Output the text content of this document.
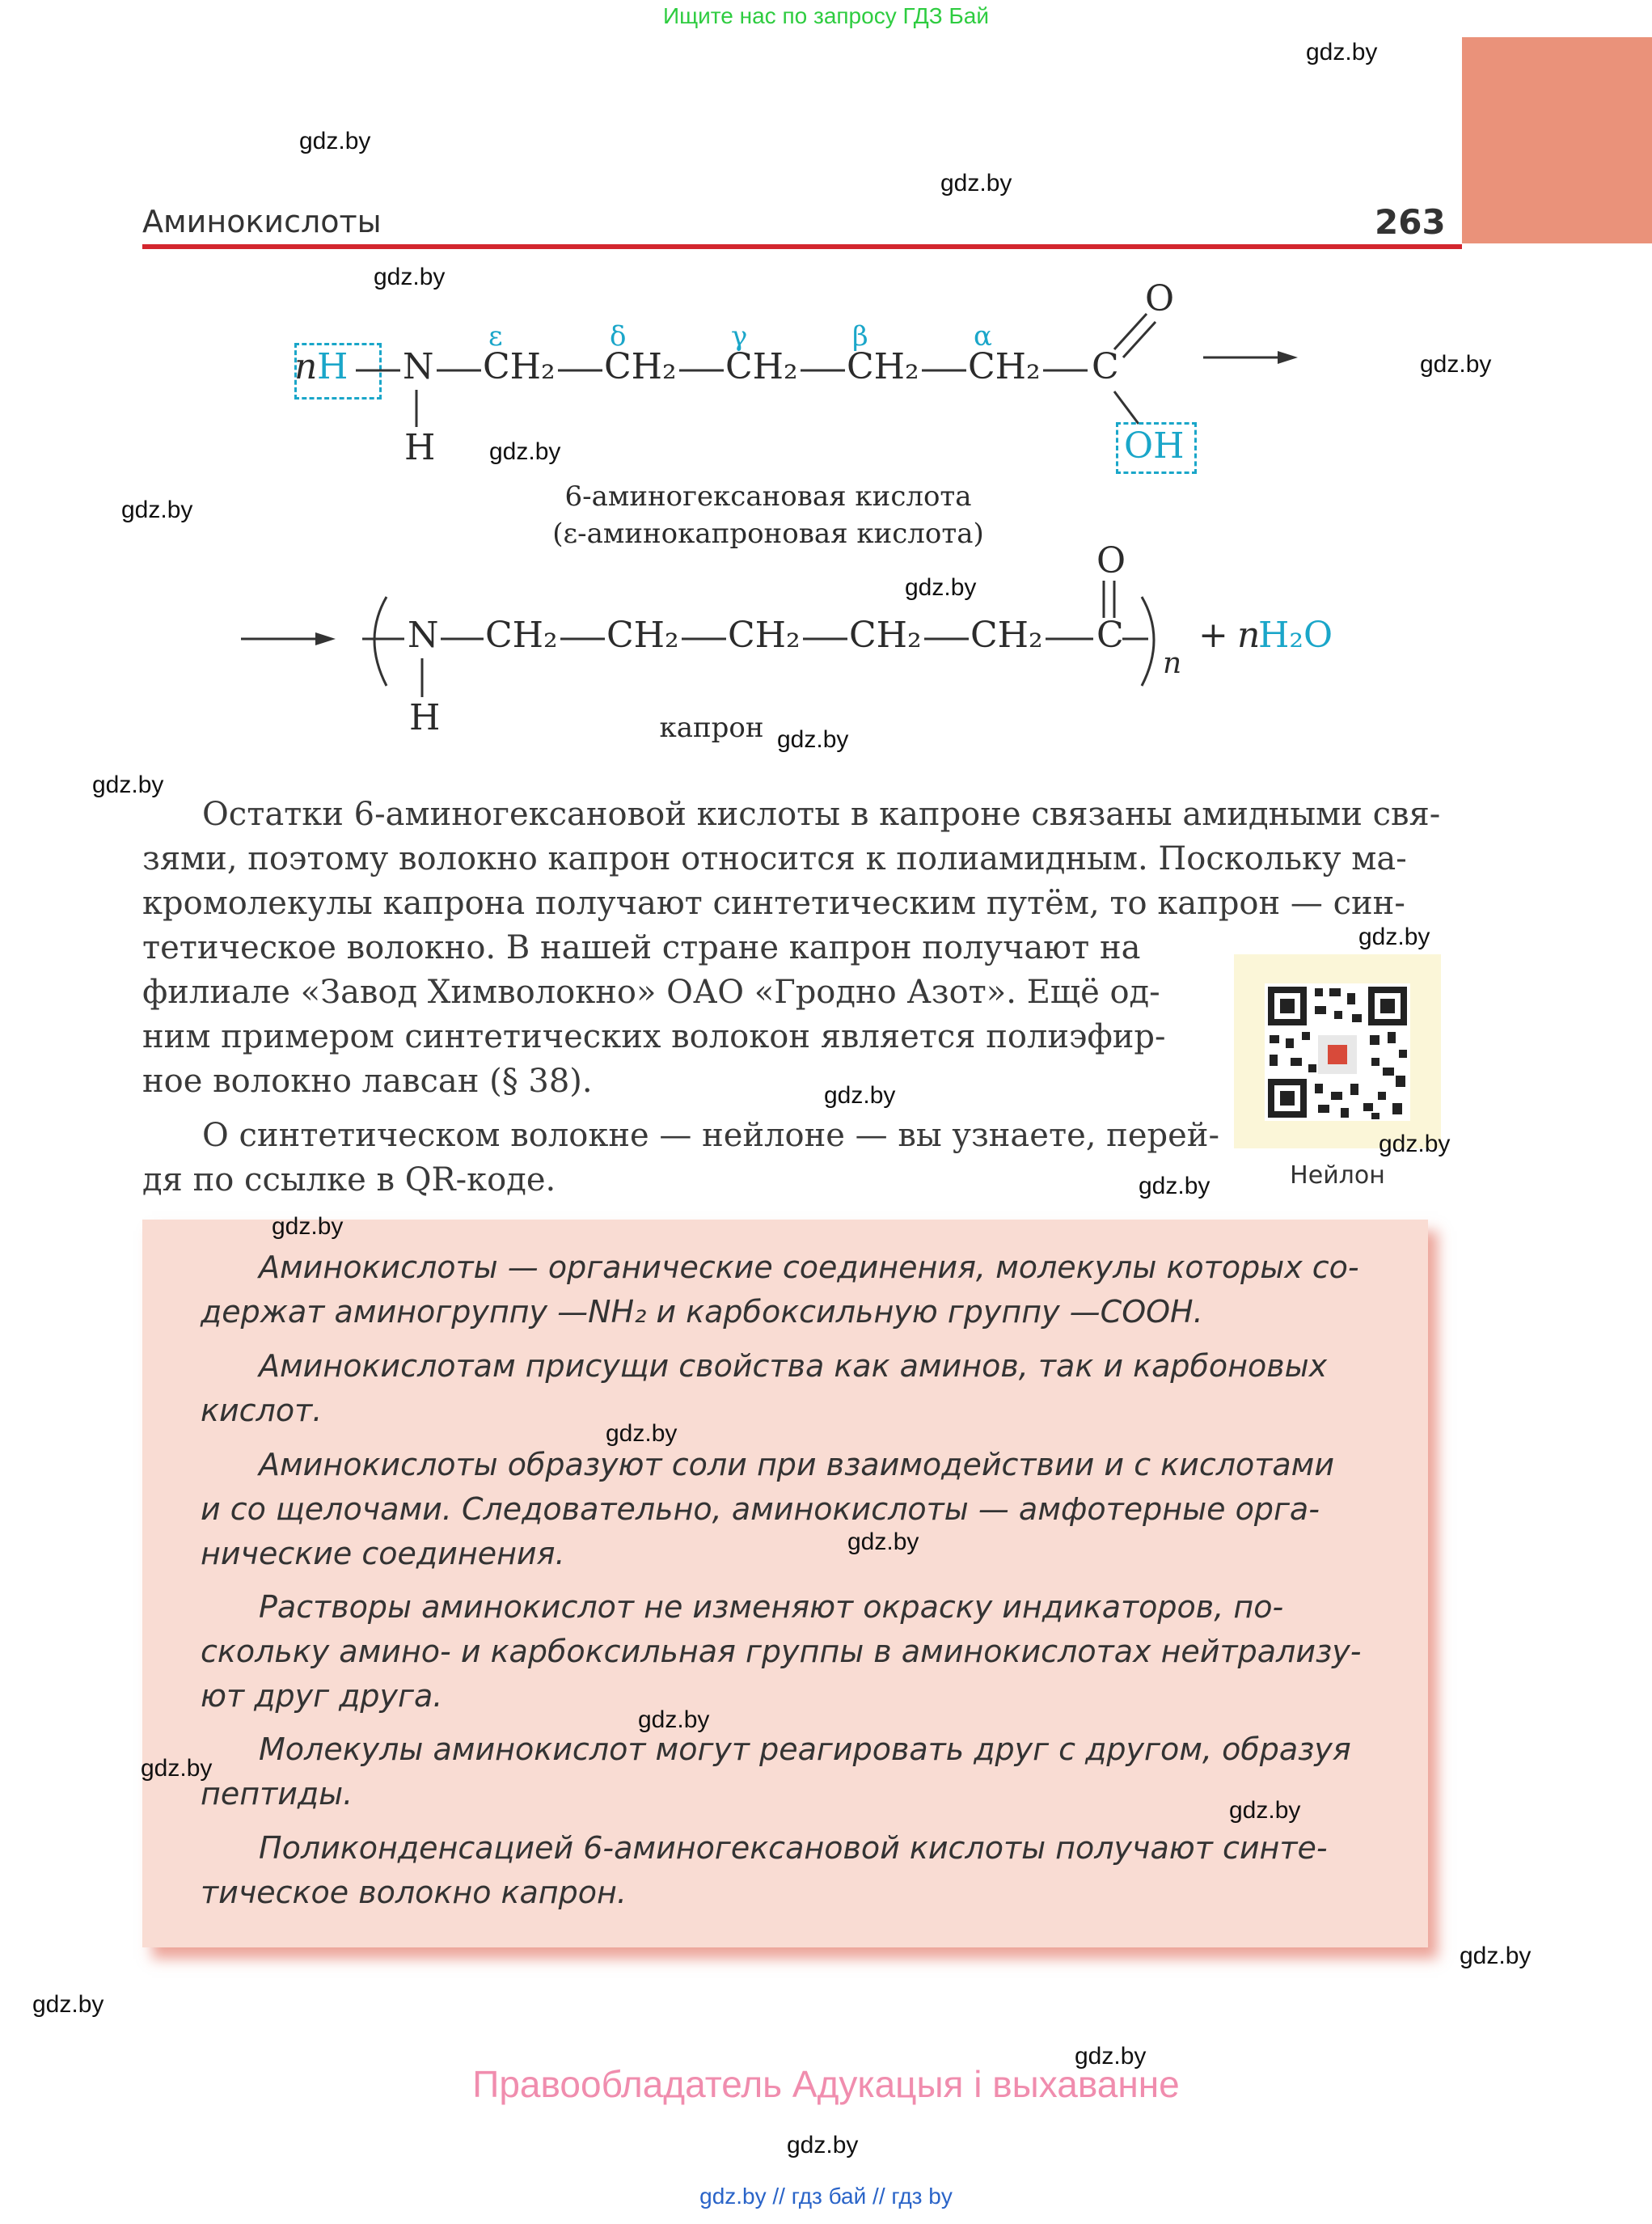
Ищите нас по запросу ГДЗ Бай
Аминокислоты	263
n H N
H
CH₂ CH₂ CH₂ CH₂ CH₂ C
O
OH
ε	δ	γ	β	α
6-аминогексановая кислота
(ε-аминокапроновая кислота)
N
H
CH₂ CH₂ CH₂ CH₂ CH₂ C
O
n
+ n
H₂O
капрон
Остатки 6-аминогексановой кислоты в капроне связаны амидными свя-
зями, поэтому волокно капрон относится к полиамидным. Поскольку ма-
кромолекулы капрона получают синтетическим путём, то капрон — син-
тетическое волокно. В нашей стране капрон получают на
филиале «Завод Химволокно» ОАО «Гродно Азот». Ещё од-
ним примером синтетических волокон является полиэфир-
ное волокно лавсан (§ 38).
О синтетическом волокне — нейлоне — вы узнаете, перей-
дя по ссылке в QR-коде.	Нейлон
Аминокислоты — органические соединения, молекулы которых со-
держат аминогруппу —NH₂ и карбоксильную группу —COOH.
Аминокислотам присущи свойства как аминов, так и карбоновых
кислот.
Аминокислоты образуют соли при взаимодействии и с кислотами
и со щелочами. Следовательно, аминокислоты — амфотерные орга-
нические соединения.
Растворы аминокислот не изменяют окраску индикаторов, по-
скольку амино- и карбоксильная группы в аминокислотах нейтрализу-
ют друг друга.
Молекулы аминокислот могут реагировать друг с другом, образуя
пептиды.
Поликонденсацией 6-аминогексановой кислоты получают синте-
тическое волокно капрон.
gdz.by
gdz.by
gdz.by
gdz.by
gdz.by
gdz.by
gdz.by
gdz.by
gdz.by
gdz.by
gdz.by
gdz.by
gdz.by
gdz.by
gdz.by
gdz.by
gdz.by
gdz.by
gdz.by
gdz.by
gdz.by
gdz.by
gdz.by
gdz.by
Правообладатель Адукацыя і выхаванне
gdz.by // гдз бай // гдз by
